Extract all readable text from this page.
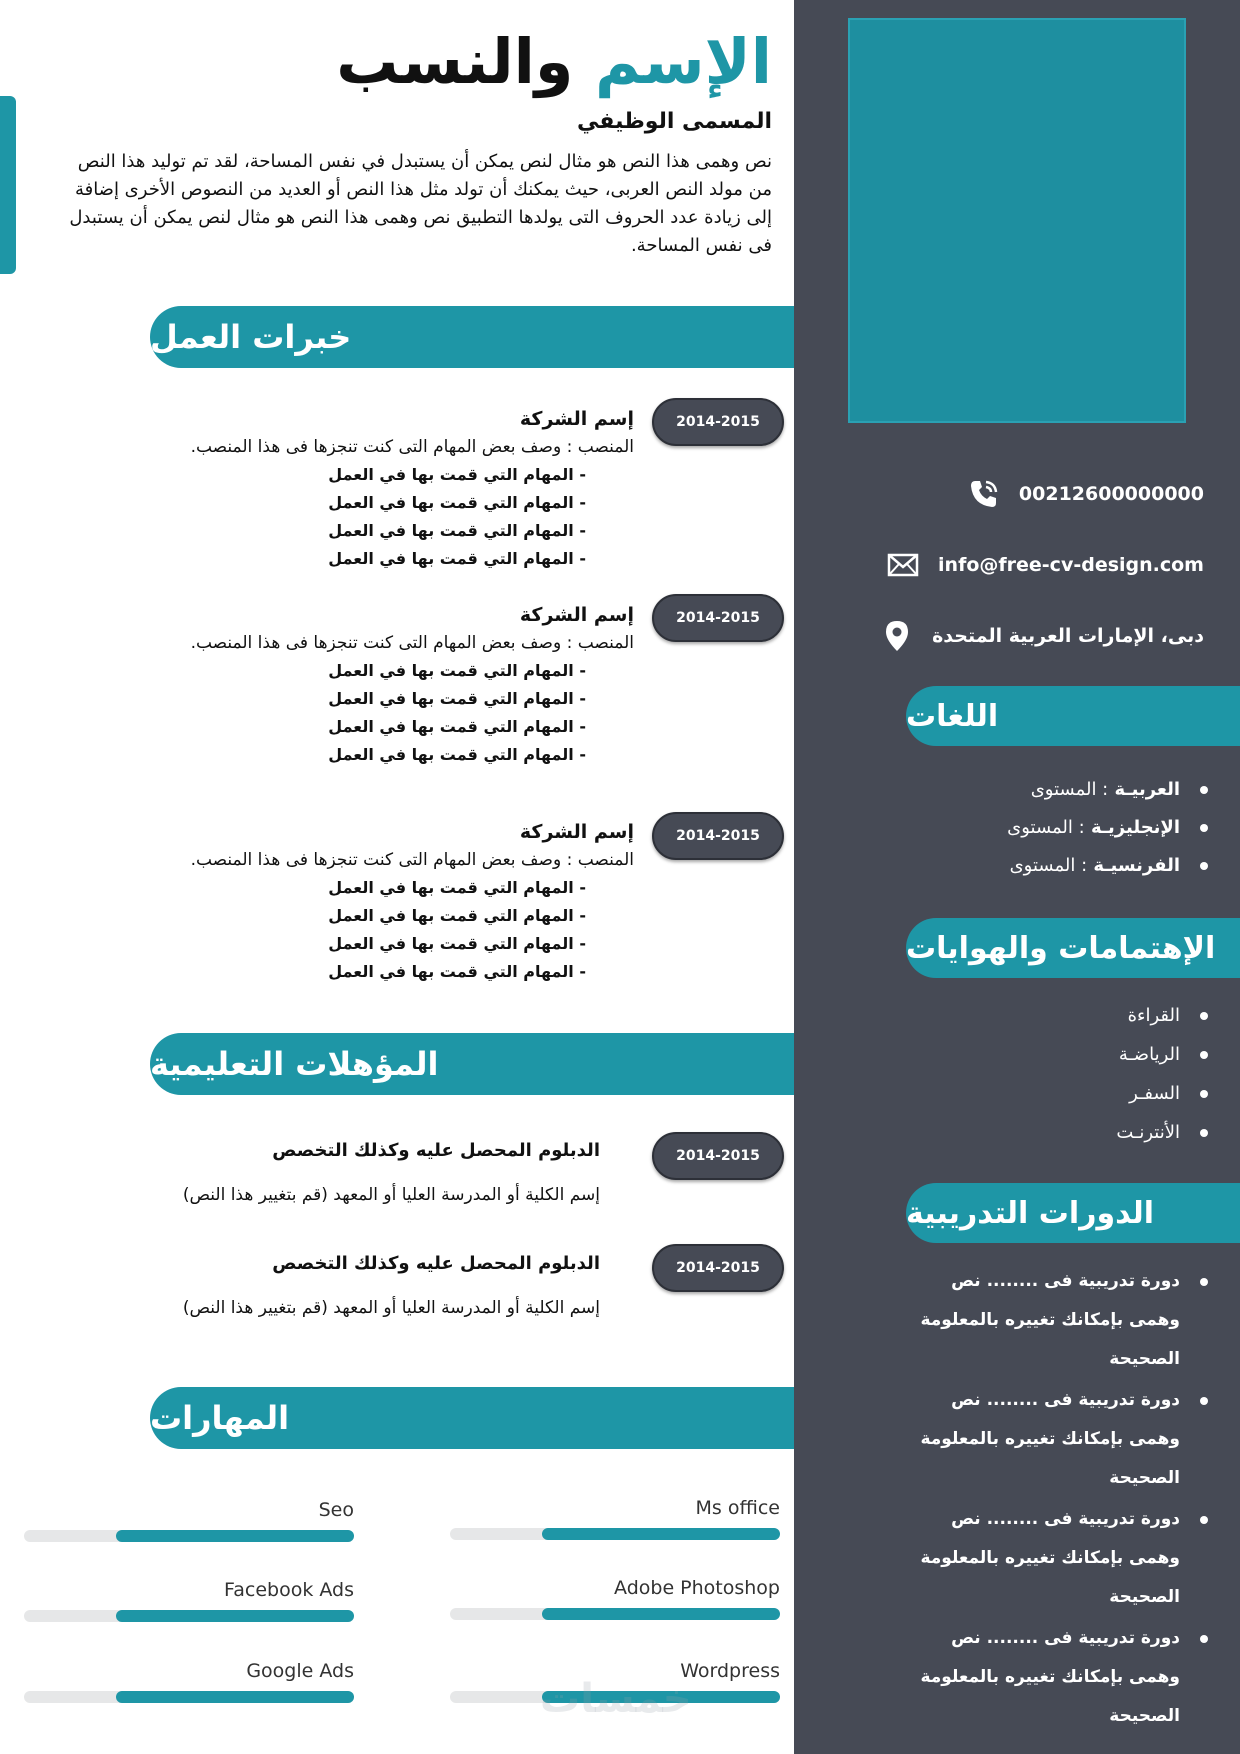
الإسم والنسب
المسمى الوظيفي

نص وهمى هذا النص هو مثال لنص يمكن أن يستبدل في نفس المساحة، لقد تم توليد هذا النص من مولد النص العربى، حيث يمكنك أن تولد مثل هذا النص أو العديد من النصوص الأخرى إضافة إلى زيادة عدد الحروف التى يولدها التطبيق نص وهمى هذا النص هو مثال لنص يمكن أن يستبدل فى نفس المساحة.

خبرات العمل
2014-2015
إسم الشركة
المنصب : وصف بعض المهام التى كنت تنجزها فى هذا المنصب.
- المهام التي قمت بها في العمل
- المهام التي قمت بها في العمل
- المهام التي قمت بها في العمل
- المهام التي قمت بها في العمل
2014-2015
إسم الشركة
المنصب : وصف بعض المهام التى كنت تنجزها فى هذا المنصب.
- المهام التي قمت بها في العمل
- المهام التي قمت بها في العمل
- المهام التي قمت بها في العمل
- المهام التي قمت بها في العمل
2014-2015
إسم الشركة
المنصب : وصف بعض المهام التى كنت تنجزها فى هذا المنصب.
- المهام التي قمت بها في العمل
- المهام التي قمت بها في العمل
- المهام التي قمت بها في العمل
- المهام التي قمت بها في العمل
المؤهلات التعليمية
2014-2015
الدبلوم المحصل عليه وكذلك التخصص
إسم الكلية أو المدرسة العليا أو المعهد (قم بتغيير هذا النص)
2014-2015
الدبلوم المحصل عليه وكذلك التخصص
إسم الكلية أو المدرسة العليا أو المعهد (قم بتغيير هذا النص)
المهارات
Ms office
Seo
Adobe Photoshop
Facebook Ads
Wordpress
Google Ads
خمسات
00212600000000
info@free-cv-design.com
دبى، الإمارات العربية المتحدة
اللغات
العربيـة : المستوى
الإنجليزيـة : المستوى
الفرنسيـة : المستوى
الإهتمامات والهوايات
القراءة
الرياضـة
السفـر
الأنترنـت
الدورات التدريبية
دورة تدريبية فى ........ نص وهمى بإمكانك تغييره بالمعلومة الصحيحة
دورة تدريبية فى ........ نص وهمى بإمكانك تغييره بالمعلومة الصحيحة
دورة تدريبية فى ........ نص وهمى بإمكانك تغييره بالمعلومة الصحيحة
دورة تدريبية فى ........ نص وهمى بإمكانك تغييره بالمعلومة الصحيحة
